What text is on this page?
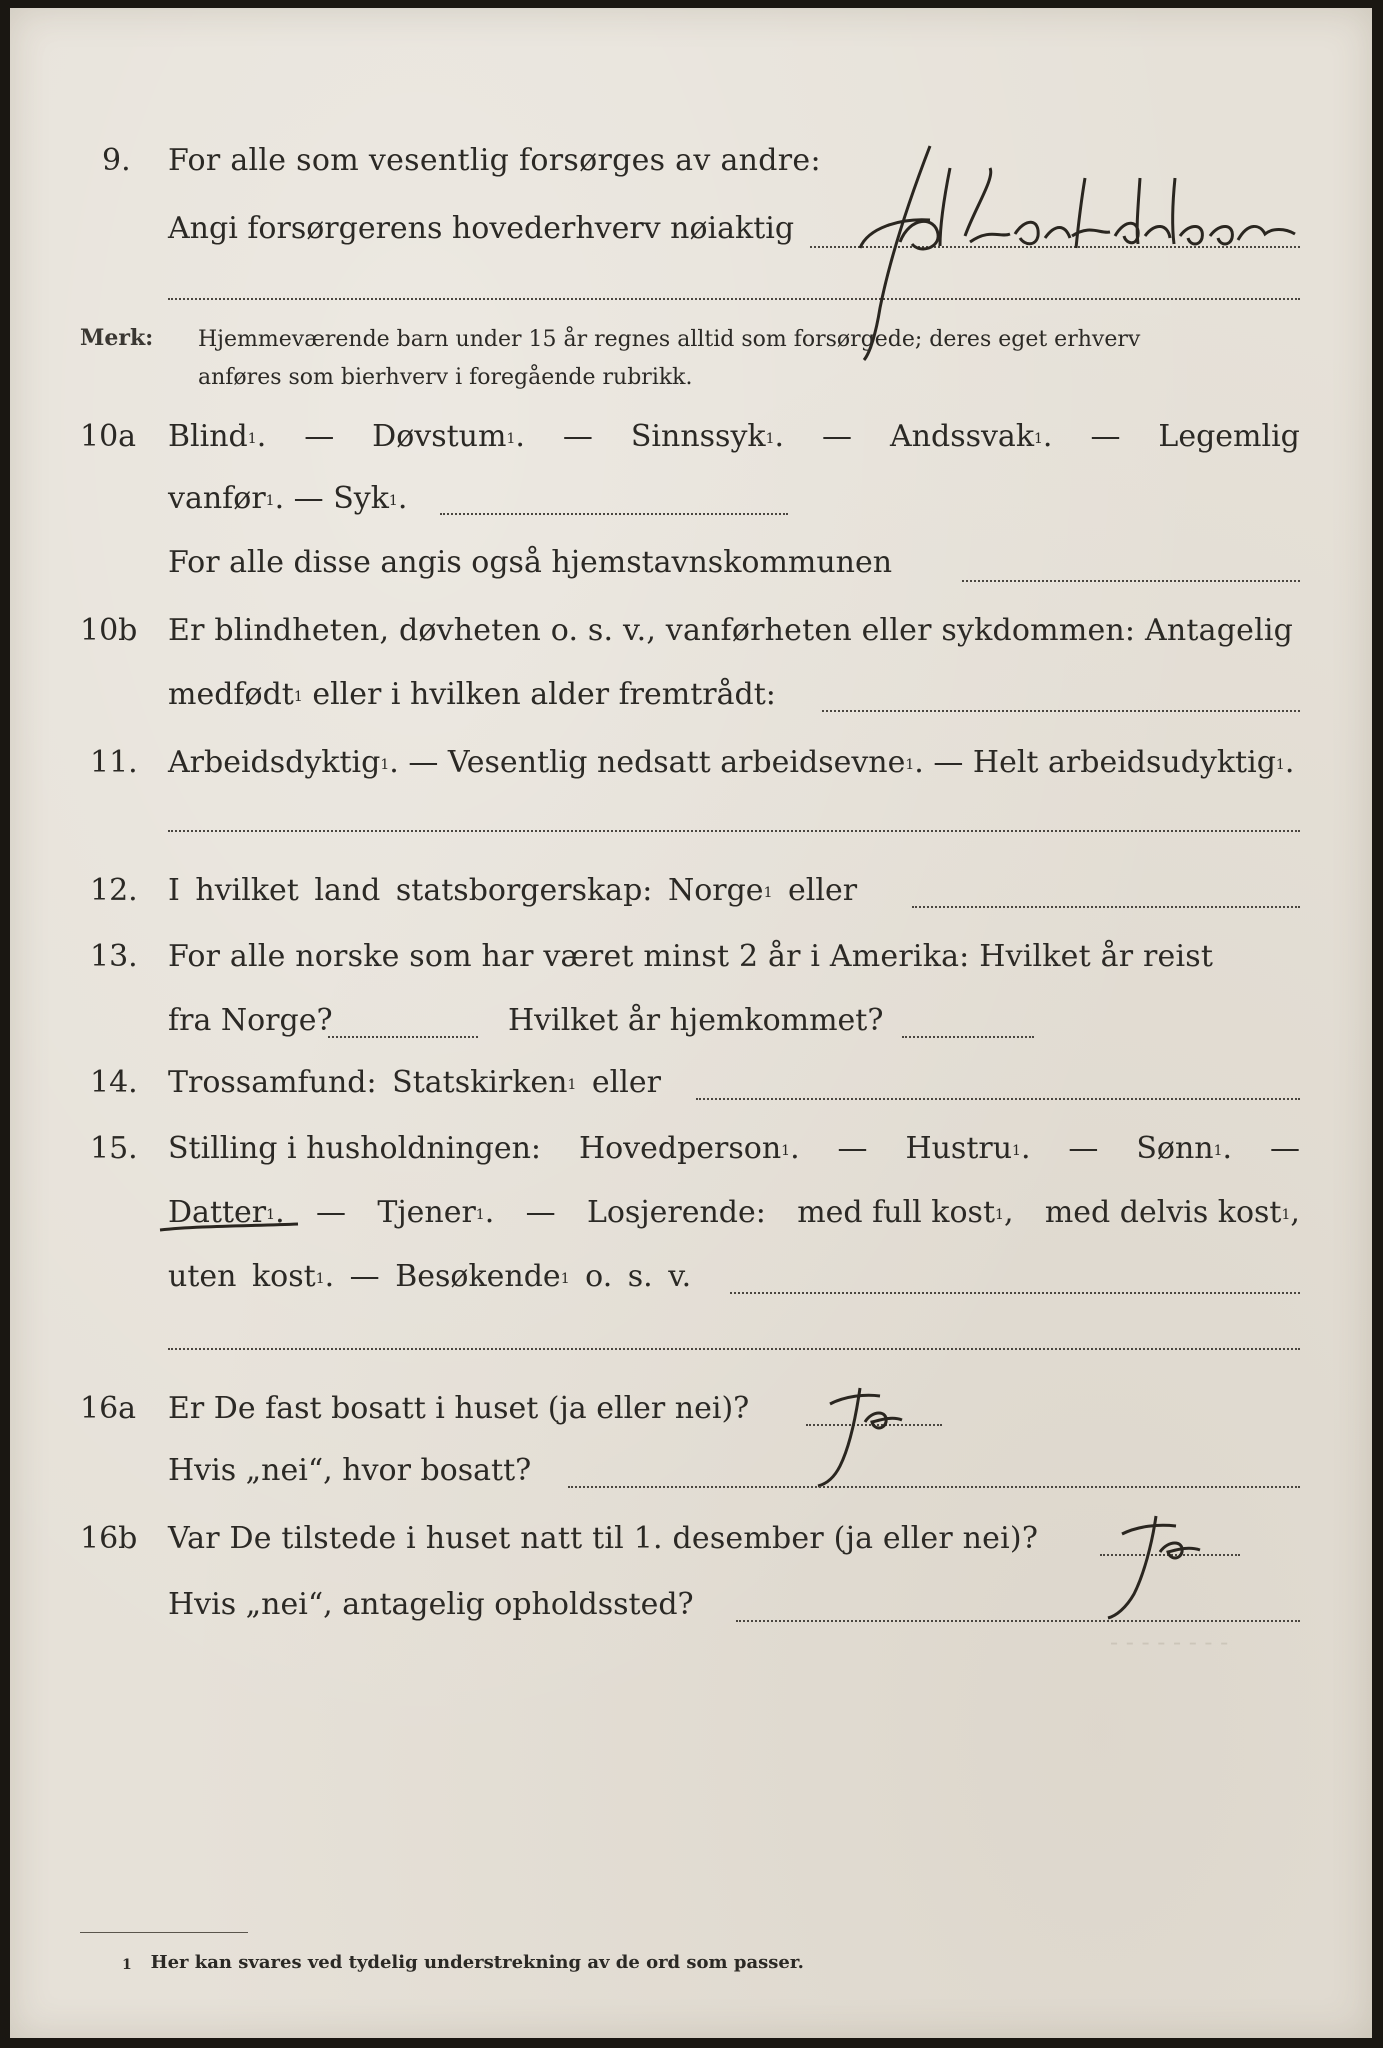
9. For alle som vesentlig forsørges av andre:
Angi forsørgerens hovederhverv nøiaktig
Merk: Hjemmeværende barn under 15 år regnes alltid som forsørgede; deres eget erhverv
anføres som bierhverv i foregående rubrikk.
10a Blind$^1$. — Døvstum$^1$. — Sinnssyk$^1$. — Andssvak$^1$. — Legemlig
vanfør$^1$. — Syk$^1$.
For alle disse angis også hjemstavnskommunen
10b Er blindheten, døvheten o. s. v., vanførheten eller sykdommen: Antagelig
medfødt$^1$ eller i hvilken alder fremtrådt:
11. Arbeidsdyktig$^1$. — Vesentlig nedsatt arbeidsevne$^1$. — Helt arbeidsudyktig$^1$.
12. I hvilket land statsborgerskap: Norge$^1$ eller
13. For alle norske som har været minst 2 år i Amerika: Hvilket år reist
fra Norge?	Hvilket år hjemkommet?
14. Trossamfund: Statskirken$^1$ eller
15. Stilling i husholdningen: Hovedperson$^1$. — Hustru$^1$. — Sønn$^1$. —
Datter$^1$. — Tjener$^1$. — Losjerende: med full kost$^1$, med delvis kost$^1$,
uten kost$^1$. — Besøkende$^1$ o. s. v.
16a Er De fast bosatt i huset (ja eller nei)?
Hvis „nei“, hvor bosatt?
16b Var De tilstede i huset natt til 1. desember (ja eller nei)?
Hvis „nei“, antagelig opholdssted?
- - - - - - - -
$^1$ Her kan svares ved tydelig understrekning av de ord som passer.
